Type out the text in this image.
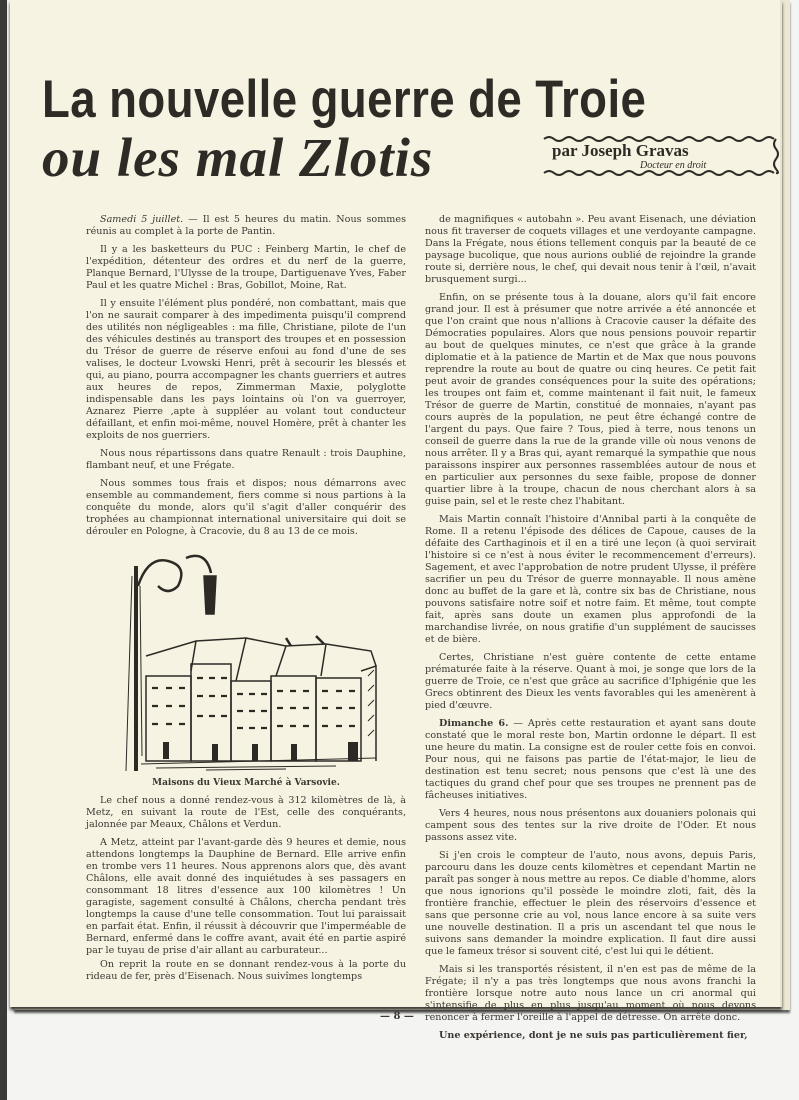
La nouvelle guerre de Troie
ou les mal Zlotis	par Joseph Gravas
Docteur en droit

Samedi 5 juillet. — Il est 5 heures du matin. Nous sommes réunis au complet à la porte de Pantin.

Il y a les basketteurs du PUC : Feinberg Martin, le chef de l'expédition, détenteur des ordres et du nerf de la guerre, Planque Bernard, l'Ulysse de la troupe, Dartiguenave Yves, Faber Paul et les quatre Michel : Bras, Gobillot, Moine, Rat.

Il y ensuite l'élément plus pondéré, non combattant, mais que l'on ne saurait comparer à des impedimenta puisqu'il comprend des utilités non négligeables : ma fille, Christiane, pilote de l'un des véhicules destinés au transport des troupes et en possession du Trésor de guerre de réserve enfoui au fond d'une de ses valises, le docteur Lvowski Henri, prêt à secourir les blessés et qui, au piano, pourra accompagner les chants guerriers et autres aux heures de repos, Zimmerman Maxie, polyglotte indispensable dans les pays lointains où l'on va guerroyer, Aznarez Pierre ,apte à suppléer au volant tout conducteur défaillant, et enfin moi-même, nouvel Homère, prêt à chanter les exploits de nos guerriers.

Nous nous répartissons dans quatre Renault : trois Dauphine, flambant neuf, et une Frégate.

Nous sommes tous frais et dispos; nous démarrons avec ensemble au commandement, fiers comme si nous partions à la conquête du monde, alors qu'il s'agit d'aller conquérir des trophées au championnat international universitaire qui doit se dérouler en Pologne, à Cracovie, du 8 au 13 de ce mois.

Maisons du Vieux Marché à Varsovie.

Le chef nous a donné rendez-vous à 312 kilomètres de là, à Metz, en suivant la route de l'Est, celle des conquérants, jalonnée par Meaux, Châlons et Verdun.

A Metz, atteint par l'avant-garde dès 9 heures et demie, nous attendons longtemps la Dauphine de Bernard. Elle arrive enfin en trombe vers 11 heures. Nous apprenons alors que, dès avant Châlons, elle avait donné des inquiétudes à ses passagers en consommant 18 litres d'essence aux 100 kilomètres ! Un garagiste, sagement consulté à Châlons, chercha pendant très longtemps la cause d'une telle consommation. Tout lui paraissait en parfait état. Enfin, il réussit à découvrir que l'imperméable de Bernard, enfermé dans le coffre avant, avait été en partie aspiré par le tuyau de prise d'air allant au carburateur...

On reprit la route en se donnant rendez-vous à la porte du rideau de fer, près d'Eisenach. Nous suivîmes longtemps

de magnifiques « autobahn ». Peu avant Eisenach, une déviation nous fit traverser de coquets villages et une verdoyante campagne. Dans la Frégate, nous étions tellement conquis par la beauté de ce paysage bucolique, que nous aurions oublié de rejoindre la grande route si, derrière nous, le chef, qui devait nous tenir à l'œil, n'avait brusquement surgi...

Enfin, on se présente tous à la douane, alors qu'il fait encore grand jour. Il est à présumer que notre arrivée a été annoncée et que l'on craint que nous n'allions à Cracovie causer la défaite des Démocraties populaires. Alors que nous pensions pouvoir repartir au bout de quelques minutes, ce n'est que grâce à la grande diplomatie et à la patience de Martin et de Max que nous pouvons reprendre la route au bout de quatre ou cinq heures. Ce petit fait peut avoir de grandes conséquences pour la suite des opérations; les troupes ont faim et, comme maintenant il fait nuit, le fameux Trésor de guerre de Martin, constitué de monnaies, n'ayant pas cours auprès de la population, ne peut être échangé contre de l'argent du pays. Que faire ? Tous, pied à terre, nous tenons un conseil de guerre dans la rue de la grande ville où nous venons de nous arrêter. Il y a Bras qui, ayant remarqué la sympathie que nous paraissons inspirer aux personnes rassemblées autour de nous et en particulier aux personnes du sexe faible, propose de donner quartier libre à la troupe, chacun de nous cherchant alors à sa guise pain, sel et le reste chez l'habitant.

Mais Martin connaît l'histoire d'Annibal parti à la conquête de Rome. Il a retenu l'épisode des délices de Capoue, causes de la défaite des Carthaginois et il en a tiré une leçon (à quoi servirait l'histoire si ce n'est à nous éviter le recommencement d'erreurs). Sagement, et avec l'approbation de notre prudent Ulysse, il préfère sacrifier un peu du Trésor de guerre monnayable. Il nous amène donc au buffet de la gare et là, contre six bas de Christiane, nous pouvons satisfaire notre soif et notre faim. Et même, tout compte fait, après sans doute un examen plus approfondi de la marchandise livrée, on nous gratifie d'un supplément de saucisses et de bière.

Certes, Christiane n'est guère contente de cette entame prématurée faite à la réserve. Quant à moi, je songe que lors de la guerre de Troie, ce n'est que grâce au sacrifice d'Iphigénie que les Grecs obtinrent des Dieux les vents favorables qui les amenèrent à pied d'œuvre.

Dimanche 6. — Après cette restauration et ayant sans doute constaté que le moral reste bon, Martin ordonne le départ. Il est une heure du matin. La consigne est de rouler cette fois en convoi. Pour nous, qui ne faisons pas partie de l'état-major, le lieu de destination est tenu secret; nous pensons que c'est là une des tactiques du grand chef pour que ses troupes ne prennent pas de fâcheuses initiatives.

Vers 4 heures, nous nous présentons aux douaniers polonais qui campent sous des tentes sur la rive droite de l'Oder. Et nous passons assez vite.

Si j'en crois le compteur de l'auto, nous avons, depuis Paris, parcouru dans les douze cents kilomètres et cependant Martin ne paraît pas songer à nous mettre au repos. Ce diable d'homme, alors que nous ignorions qu'il possède le moindre zloti, fait, dès la frontière franchie, effectuer le plein des réservoirs d'essence et sans que personne crie au vol, nous lance encore à sa suite vers une nouvelle destination. Il a pris un ascendant tel que nous le suivons sans demander la moindre explication. Il faut dire aussi que le fameux trésor si souvent cité, c'est lui qui le détient.

Mais si les transportés résistent, il n'en est pas de même de la Frégate; il n'y a pas très longtemps que nous avons franchi la frontière lorsque notre auto nous lance un cri anormal qui s'intensifie de plus en plus jusqu'au moment où nous devons renoncer à fermer l'oreille à l'appel de détresse. On arrête donc.

Une expérience, dont je ne suis pas particulièrement fier,

— 8 —
